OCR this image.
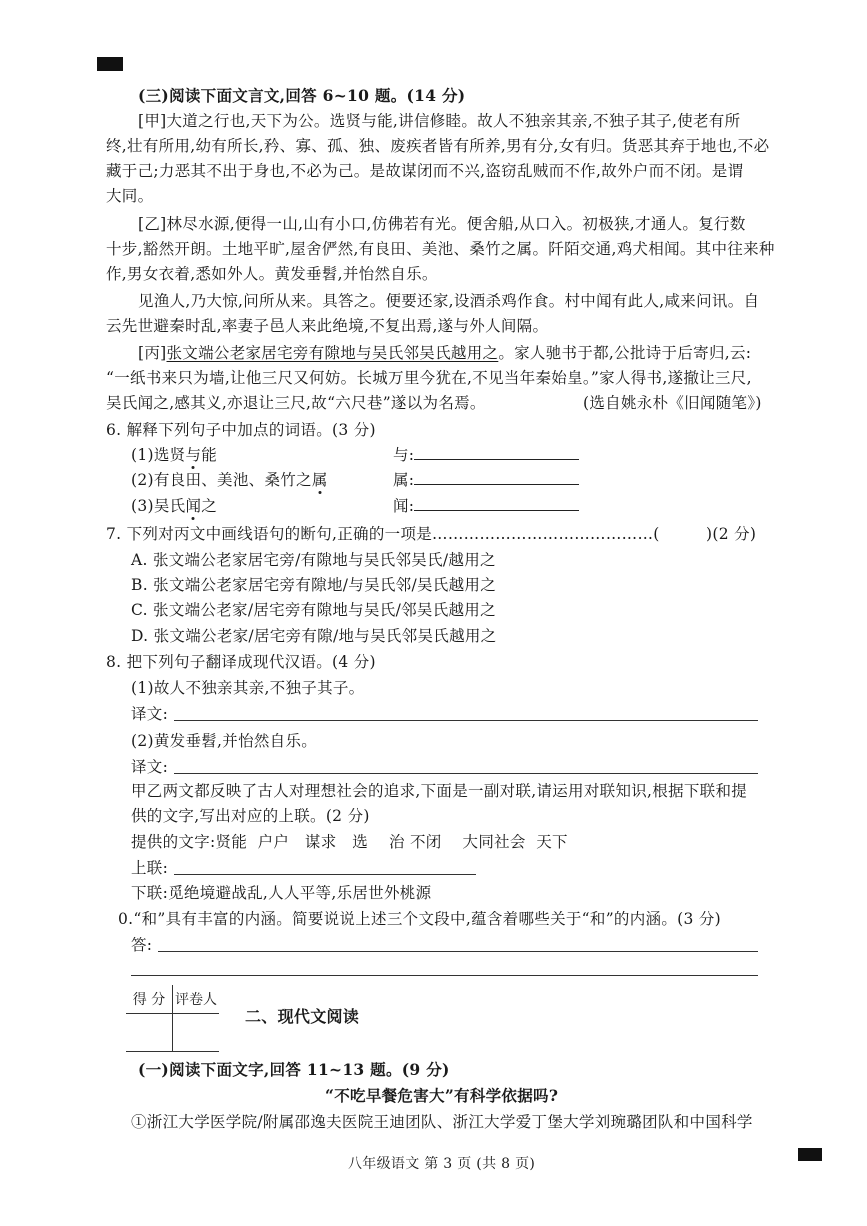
(三)阅读下面文言文,回答 6~10 题。(14 分)
[甲]大道之行也,天下为公。选贤与能,讲信修睦。故人不独亲其亲,不独子其子,使老有所
终,壮有所用,幼有所长,矜、寡、孤、独、废疾者皆有所养,男有分,女有归。货恶其弃于地也,不必
藏于己;力恶其不出于身也,不必为己。是故谋闭而不兴,盗窃乱贼而不作,故外户而不闭。是谓
大同。
[乙]林尽水源,便得一山,山有小口,仿佛若有光。便舍船,从口入。初极狭,才通人。复行数
十步,豁然开朗。土地平旷,屋舍俨然,有良田、美池、桑竹之属。阡陌交通,鸡犬相闻。其中往来种
作,男女衣着,悉如外人。黄发垂髫,并怡然自乐。
见渔人,乃大惊,问所从来。具答之。便要还家,设酒杀鸡作食。村中闻有此人,咸来问讯。自
云先世避秦时乱,率妻子邑人来此绝境,不复出焉,遂与外人间隔。
[丙]张文端公老家居宅旁有隙地与吴氏邻吴氏越用之。家人驰书于都,公批诗于后寄归,云:
“一纸书来只为墙,让他三尺又何妨。长城万里今犹在,不见当年秦始皇。”家人得书,遂撤让三尺,
吴氏闻之,感其义,亦退让三尺,故“六尺巷”遂以为名焉。	(选自姚永朴《旧闻随笔》)
6. 解释下列句子中加点的词语。(3 分)
(1)选贤与能	与:
(2)有良田、美池、桑竹之属	属:
(3)吴氏闻之	闻:
7. 下列对丙文中画线语句的断句,正确的一项是……………………………………(	)(2 分)
A. 张文端公老家居宅旁/有隙地与吴氏邻吴氏/越用之
B. 张文端公老家居宅旁有隙地/与吴氏邻/吴氏越用之
C. 张文端公老家/居宅旁有隙地与吴氏/邻吴氏越用之
D. 张文端公老家/居宅旁有隙/地与吴氏邻吴氏越用之
8. 把下列句子翻译成现代汉语。(4 分)
(1)故人不独亲其亲,不独子其子。
译文:
(2)黄发垂髫,并怡然自乐。
译文:
甲乙两文都反映了古人对理想社会的追求,下面是一副对联,请运用对联知识,根据下联和提
供的文字,写出对应的上联。(2 分)
提供的文字:贤能 户户 谋求 选 治 不闭 大同社会 天下
上联:
下联:觅绝境避战乱,人人平等,乐居世外桃源
0.“和”具有丰富的内涵。简要说说上述三个文段中,蕴含着哪些关于“和”的内涵。(3 分)
答:
得 分	评卷人

二、现代文阅读
(一)阅读下面文字,回答 11~13 题。(9 分)
“不吃早餐危害大”有科学依据吗?
①浙江大学医学院/附属邵逸夫医院王迪团队、浙江大学爱丁堡大学刘琬璐团队和中国科学
八年级语文 第 3 页 (共 8 页)
